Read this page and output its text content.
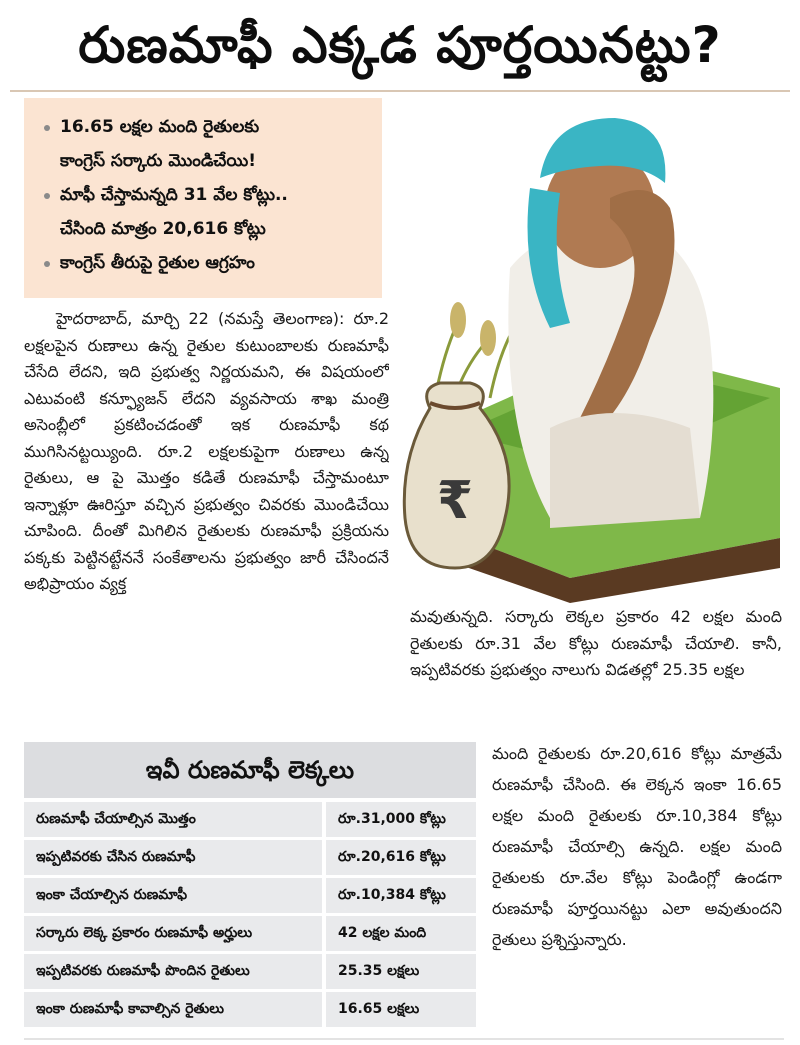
రుణమాఫీ ఎక్కడ పూర్తయినట్టు?
16.65 లక్షల మంది రైతులకు
కాంగ్రెస్ సర్కారు మొండిచేయి!
మాఫీ చేస్తామన్నది 31 వేల కోట్లు..
చేసింది మాత్రం 20,616 కోట్లు
కాంగ్రెస్ తీరుపై రైతుల ఆగ్రహం

హైదరాబాద్, మార్చి 22 (నమస్తే తెలంగాణ): రూ.2 లక్షలపైన రుణాలు ఉన్న రైతుల కుటుంబాలకు రుణమాఫీ చేసేది లేదని, ఇది ప్రభుత్వ నిర్ణయమని, ఈ విషయంలో ఎటువంటి కన్ఫ్యూజన్ లేదని వ్యవసాయ శాఖ మంత్రి అసెంబ్లీలో ప్రకటించడంతో ఇక రుణమాఫీ కథ ముగిసినట్టయ్యింది. రూ.2 లక్షలకుపైగా రుణాలు ఉన్న రైతులు, ఆ పై మొత్తం కడితే రుణమాఫీ చేస్తామంటూ ఇన్నాళ్లూ ఊరిస్తూ వచ్చిన ప్రభుత్వం చివరకు మొండిచేయి చూపింది. దీంతో మిగిలిన రైతులకు రుణమాఫీ ప్రక్రియను పక్కకు పెట్టినట్టేననే సంకేతాలను ప్రభుత్వం జారీ చేసిందనే అభిప్రాయం వ్యక్త

₹
మవుతున్నది. సర్కారు లెక్కల ప్రకారం 42 లక్షల మంది రైతులకు రూ.31 వేల కోట్లు రుణమాఫీ చేయాలి. కానీ, ఇప్పటివరకు ప్రభుత్వం నాలుగు విడతల్లో 25.35 లక్షల
మంది రైతులకు రూ.20,616 కోట్లు మాత్రమే రుణమాఫీ చేసింది. ఈ లెక్కన ఇంకా 16.65 లక్షల మంది రైతులకు రూ.10,384 కోట్లు రుణమాఫీ చేయాల్సి ఉన్నది. లక్షల మంది రైతులకు రూ.వేల కోట్లు పెండింగ్లో ఉండగా రుణమాఫీ పూర్తయినట్టు ఎలా అవుతుందని రైతులు ప్రశ్నిస్తున్నారు.
ఇవీ రుణమాఫీ లెక్కలు
రుణమాఫీ చేయాల్సిన మొత్తం	రూ.31,000 కోట్లు
ఇప్పటివరకు చేసిన రుణమాఫీ	రూ.20,616 కోట్లు
ఇంకా చేయాల్సిన రుణమాఫీ	రూ.10,384 కోట్లు
సర్కారు లెక్క ప్రకారం రుణమాఫీ అర్హులు	42 లక్షల మంది
ఇప్పటివరకు రుణమాఫీ పొందిన రైతులు	25.35 లక్షలు
ఇంకా రుణమాఫీ కావాల్సిన రైతులు	16.65 లక్షలు
